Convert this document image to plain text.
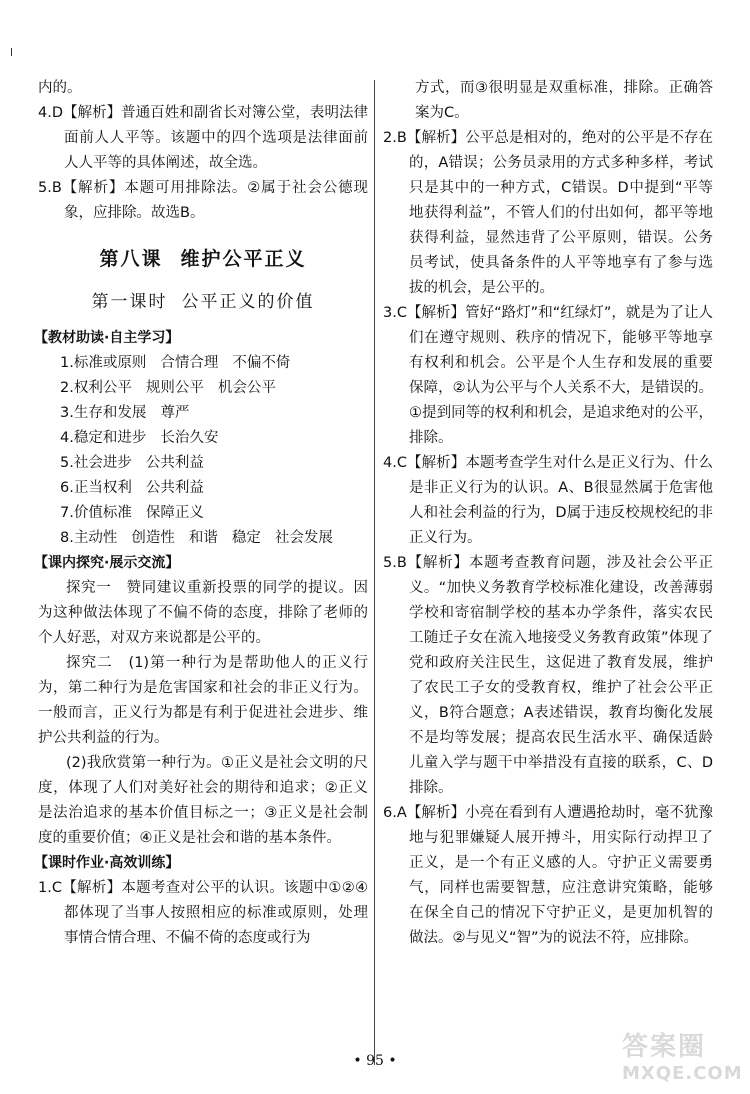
内的。

4.D【解析】普通百姓和副省长对簿公堂，表明法律面前人人平等。该题中的四个选项是法律面前人人平等的具体阐述，故全选。

5.B【解析】本题可用排除法。②属于社会公德现象，应排除。故选B。

第八课 维护公平正义
第一课时 公平正义的价值

【教材助读·自主学习】

1.标准或原则 合情合理 不偏不倚
2.权利公平 规则公平 机会公平
3.生存和发展 尊严
4.稳定和进步 长治久安
5.社会进步 公共利益
6.正当权利 公共利益
7.价值标准 保障正义
8.主动性 创造性 和谐 稳定 社会发展

【课内探究·展示交流】

探究一　赞同建议重新投票的同学的提议。因为这种做法体现了不偏不倚的态度，排除了老师的个人好恶，对双方来说都是公平的。

探究二　(1)第一种行为是帮助他人的正义行为，第二种行为是危害国家和社会的非正义行为。一般而言，正义行为都是有利于促进社会进步、维护公共利益的行为。

(2)我欣赏第一种行为。①正义是社会文明的尺度，体现了人们对美好社会的期待和追求；②正义是法治追求的基本价值目标之一；③正义是社会制度的重要价值；④正义是社会和谐的基本条件。

【课时作业·高效训练】

1.C【解析】本题考查对公平的认识。该题中①②④都体现了当事人按照相应的标准或原则，处理事情合情合理、不偏不倚的态度或行为

方式，而③很明显是双重标准，排除。正确答案为C。

2.B【解析】公平总是相对的，绝对的公平是不存在的，A错误；公务员录用的方式多种多样，考试只是其中的一种方式，C错误。D中提到“平等地获得利益”，不管人们的付出如何，都平等地获得利益，显然违背了公平原则，错误。公务员考试，使具备条件的人平等地享有了参与选拔的机会，是公平的。

3.C【解析】管好“路灯”和“红绿灯”，就是为了让人们在遵守规则、秩序的情况下，能够平等地享有权利和机会。公平是个人生存和发展的重要保障，②认为公平与个人关系不大，是错误的。①提到同等的权利和机会，是追求绝对的公平，排除。

4.C【解析】本题考查学生对什么是正义行为、什么是非正义行为的认识。A、B很显然属于危害他人和社会利益的行为，D属于违反校规校纪的非正义行为。

5.B【解析】本题考查教育问题，涉及社会公平正义。“加快义务教育学校标准化建设，改善薄弱学校和寄宿制学校的基本办学条件，落实农民工随迁子女在流入地接受义务教育政策”体现了党和政府关注民生，这促进了教育发展，维护了农民工子女的受教育权，维护了社会公平正义，B符合题意；A表述错误，教育均衡化发展不是均等发展；提高农民生活水平、确保适龄儿童入学与题干中举措没有直接的联系，C、D排除。

6.A【解析】小亮在看到有人遭遇抢劫时，毫不犹豫地与犯罪嫌疑人展开搏斗，用实际行动捍卫了正义，是一个有正义感的人。守护正义需要勇气，同样也需要智慧，应注意讲究策略，能够在保全自己的情况下守护正义，是更加机智的做法。②与见义“智”为的说法不符，应排除。

• 95 •	答案圈
MXQE.COM
